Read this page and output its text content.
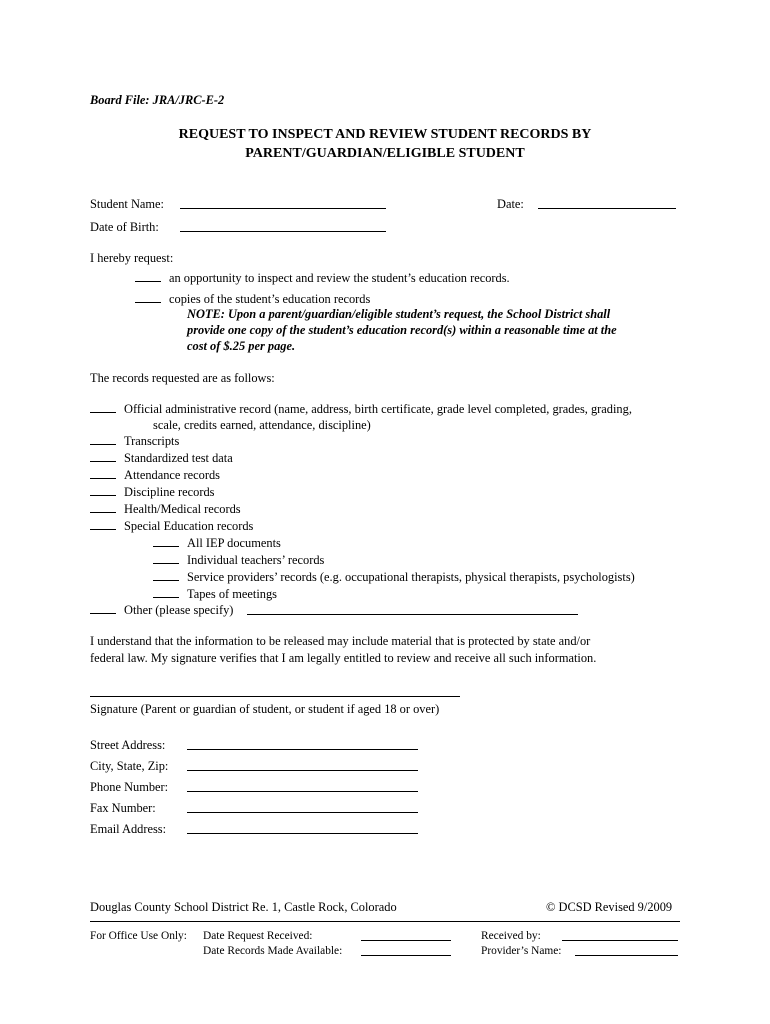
Board File: JRA/JRC-E-2
REQUEST TO INSPECT AND REVIEW STUDENT RECORDS BY
PARENT/GUARDIAN/ELIGIBLE STUDENT
Student Name:	Date:
Date of Birth:
I hereby request:
an opportunity to inspect and review the student’s education records.
copies of the student’s education records
NOTE: Upon a parent/guardian/eligible student’s request, the School District shall
provide one copy of the student’s education record(s) within a reasonable time at the
cost of $.25 per page.
The records requested are as follows:
Official administrative record (name, address, birth certificate, grade level completed, grades, grading,
scale, credits earned, attendance, discipline)
Transcripts
Standardized test data
Attendance records
Discipline records
Health/Medical records
Special Education records
All IEP documents
Individual teachers’ records
Service providers’ records (e.g. occupational therapists, physical therapists, psychologists)
Tapes of meetings
Other (please specify)
I understand that the information to be released may include material that is protected by state and/or
federal law. My signature verifies that I am legally entitled to review and receive all such information.
Signature (Parent or guardian of student, or student if aged 18 or over)
Street Address:
City, State, Zip:
Phone Number:
Fax Number:
Email Address:
Douglas County School District Re. 1, Castle Rock, Colorado	© DCSD Revised 9/2009
For Office Use Only: Date Request Received:
Date Records Made Available:
Received by:
Provider’s Name:
